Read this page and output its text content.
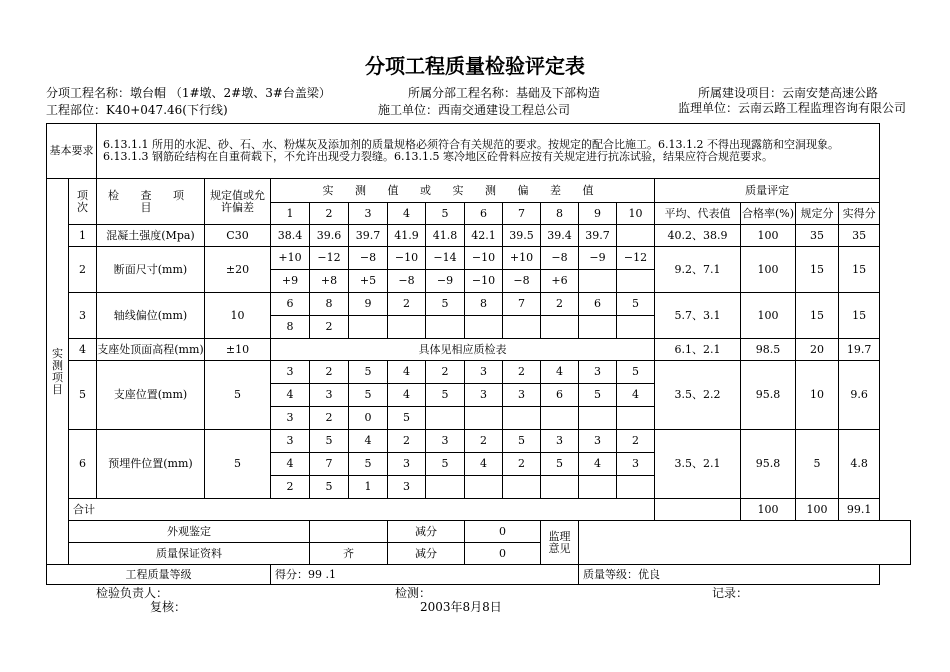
分项工程质量检验评定表
分项工程名称：墩台帽 （1#墩、2#墩、3#台盖梁）	所属分部工程名称：基础及下部构造	所属建设项目：云南安楚高速公路
工程部位：K40+047.46(下行线)	施工单位：西南交通建设工程总公司	监理单位：云南云路工程监理咨询有限公司
基本要求		6.13.1.1 所用的水泥、砂、石、水、粉煤灰及添加剂的质量规格必须符合有关规范的要求。按规定的配合比施工。6.13.1.2 不得出现露筋和空洞现象。6.13.1.3 钢筋砼结构在自重荷载下，不允许出现受力裂缝。6.13.1.5 寒冷地区砼骨料应按有关规定进行抗冻试验，结果应符合规范要求。															

实测项目	项次	检 查 项 目	规定值或允许偏差	实 测 值 或 实 测 偏 差 值										质量评定			
				1	2	3	4	5	6	7	8	9	10	平均、代表值	合格率(%)	规定分	实得分
	1	混凝土强度(Mpa)	C30	38.4	39.6	39.7	41.9	41.8	42.1	39.5	39.4	39.7		40.2、38.9	100	35	35
	2	断面尺寸(mm)	±20	+10	−12	−8	−10	−14	−10	+10	−8	−9	−12	9.2、7.1	100	15	15
				+9	+8	+5	−8	−9	−10	−8	+6						
	3	轴线偏位(mm)	10	6	8	9	2	5	8	7	2	6	5	5.7、3.1	100	15	15
				8	2												
	4	支座处顶面高程(mm)	±10	具体见相应质检表										6.1、2.1	98.5	20	19.7
	5	支座位置(mm)	5	3	2	5	4	2	3	2	4	3	5	3.5、2.2	95.8	10	9.6
				4	3	5	4	5	3	3	6	5	4				
				3	2	0	5										
	6	预埋件位置(mm)	5	3	5	4	2	3	2	5	3	3	2	3.5、2.1	95.8	5	4.8
				4	7	5	3	5	4	2	5	4	3				
				2	5	1	3										
	合计														100	100	99.1
	外观鉴定						减分		0		监理意见						

	质量保证资料				齐		减分		0								
工程质量等级				得分：99 .1								质量等级：优良					
检验负责人：	检测：	记录：
复核：	2003年8月8日
